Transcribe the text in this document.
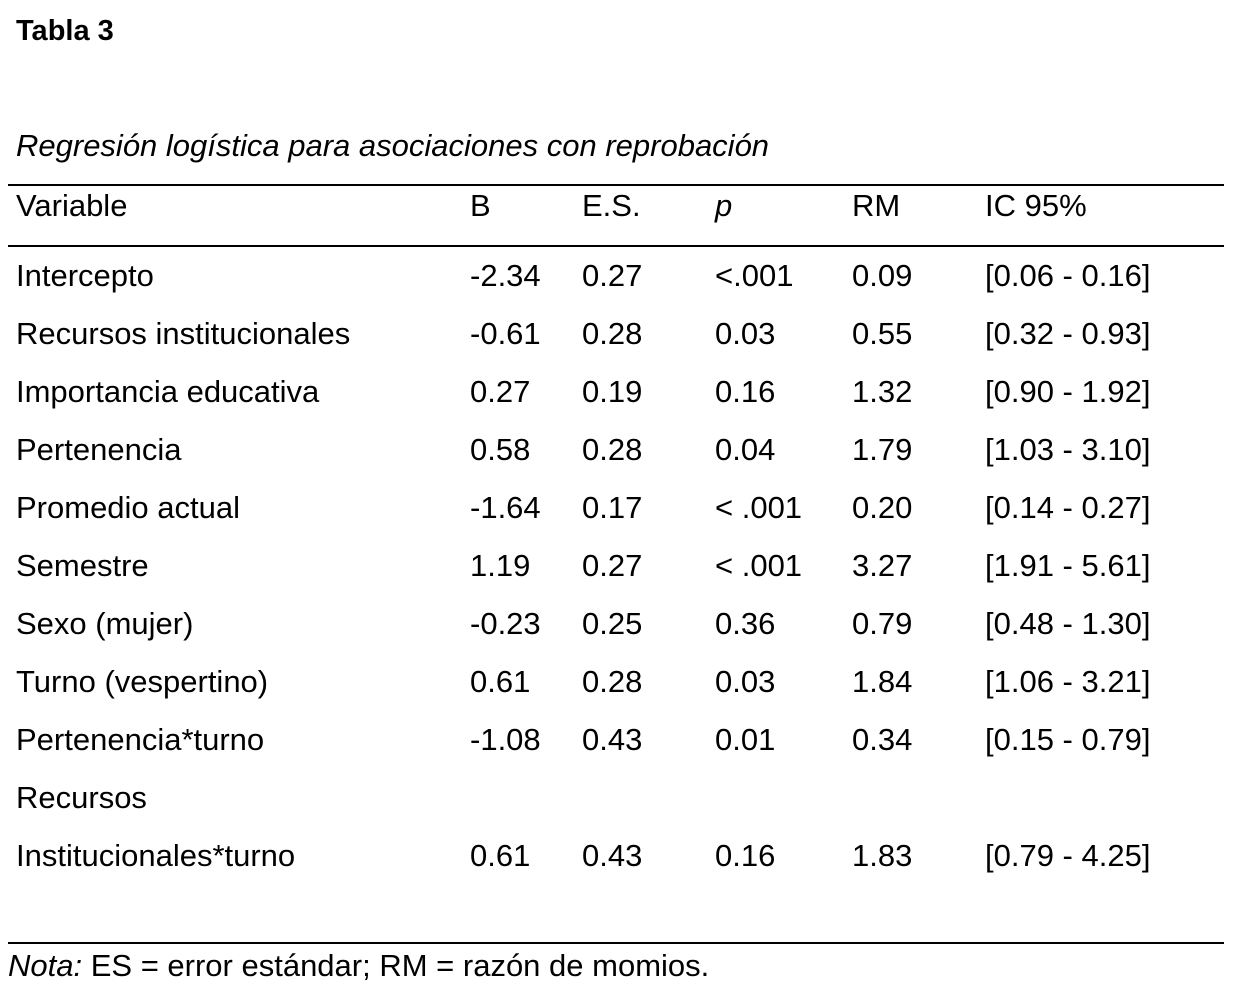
Tabla 3
Regresión logística para asociaciones con reprobación
Variable	B	E.S.	p	RM	IC 95%

Intercepto	-2.34	0.27	<.001	0.09	[0.06 - 0.16]
Recursos institucionales	-0.61	0.28	0.03	0.55	[0.32 - 0.93]
Importancia educativa	0.27	0.19	0.16	1.32	[0.90 - 1.92]
Pertenencia	0.58	0.28	0.04	1.79	[1.03 - 3.10]
Promedio actual	-1.64	0.17	< .001	0.20	[0.14 - 0.27]
Semestre	1.19	0.27	< .001	3.27	[1.91 - 5.61]
Sexo (mujer)	-0.23	0.25	0.36	0.79	[0.48 - 1.30]
Turno (vespertino)	0.61	0.28	0.03	1.84	[1.06 - 3.21]
Pertenencia*turno	-1.08	0.43	0.01	0.34	[0.15 - 0.79]
Recursos					
Institucionales*turno	0.61	0.43	0.16	1.83	[0.79 - 4.25]
Nota: ES = error estándar; RM = razón de momios.
